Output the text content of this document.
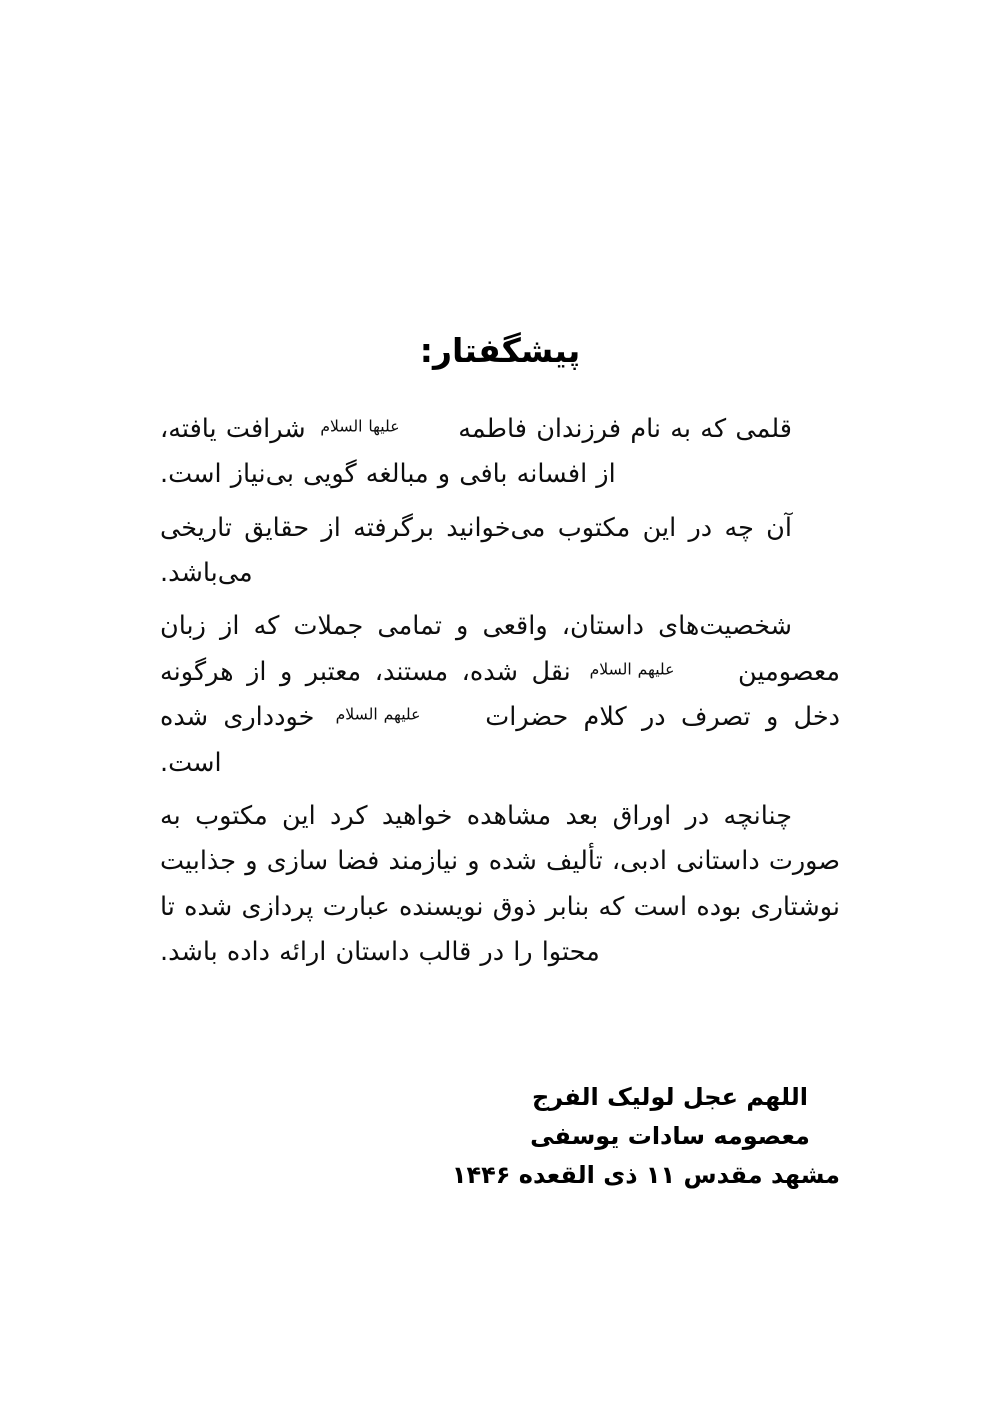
پیشگفتار:

قلمی که به نام فرزندان فاطمه علیها السلام شرافت یافته، از افسانه بافی و مبالغه گویی بی‌نیاز است.

آن چه در این مکتوب می‌خوانید برگرفته از حقایق تاریخی می‌باشد.

شخصیت‌های داستان، واقعی و تمامی جملات که از زبان معصومین علیهم السلام نقل شده، مستند، معتبر و از هرگونه دخل و تصرف در کلام حضرات علیهم السلام خودداری شده است.

چنانچه در اوراق بعد مشاهده خواهید کرد این مکتوب به صورت داستانی ادبی، تألیف شده و نیازمند فضا سازی و جذابیت نوشتاری بوده است که بنابر ذوق نویسنده عبارت پردازی شده تا محتوا را در قالب داستان ارائه داده باشد.

اللهم عجل لولیک الفرج
معصومه سادات یوسفی
مشهد مقدس ۱۱ ذی القعده ۱۴۴۶
